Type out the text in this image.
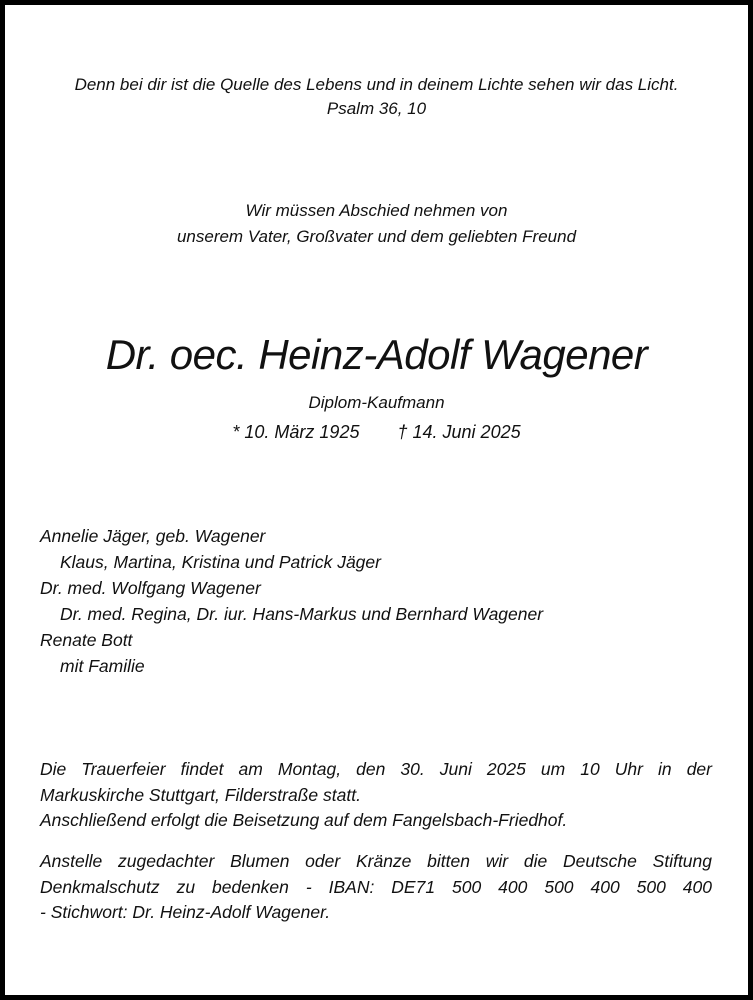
Denn bei dir ist die Quelle des Lebens und in deinem Lichte sehen wir das Licht.
Psalm 36, 10
Wir müssen Abschied nehmen von
unserem Vater, Großvater und dem geliebten Freund
Dr. oec. Heinz-Adolf Wagener
Diplom-Kaufmann
* 10. März 1925 † 14. Juni 2025
Annelie Jäger, geb. Wagener
Klaus, Martina, Kristina und Patrick Jäger
Dr. med. Wolfgang Wagener
Dr. med. Regina, Dr. iur. Hans-Markus und Bernhard Wagener
Renate Bott
mit Familie
Die Trauerfeier findet am Montag, den 30. Juni 2025 um 10 Uhr in der
Markuskirche Stuttgart, Filderstraße statt.
Anschließend erfolgt die Beisetzung auf dem Fangelsbach-Friedhof.
Anstelle zugedachter Blumen oder Kränze bitten wir die Deutsche Stiftung
Denkmalschutz zu bedenken - IBAN: DE71 500 400 500 400 500 400
- Stichwort: Dr. Heinz-Adolf Wagener.
